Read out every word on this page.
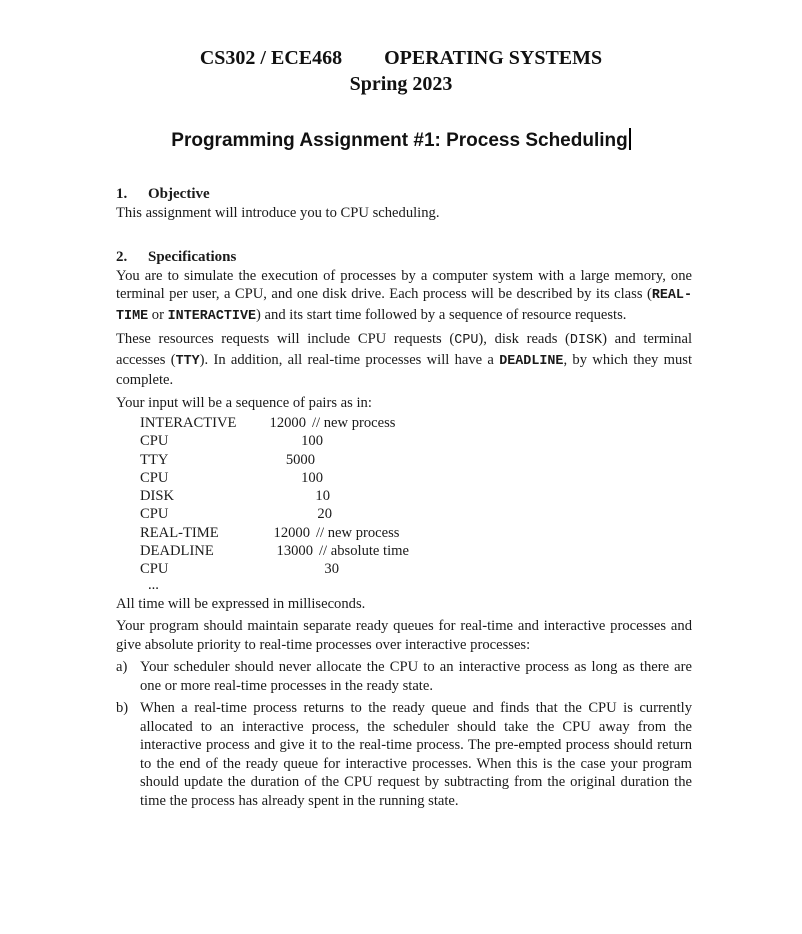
CS302 / ECE468 OPERATING SYSTEMS
Spring 2023
Programming Assignment #1: Process Scheduling
1. Objective

This assignment will introduce you to CPU scheduling.

2. Specifications

You are to simulate the execution of processes by a computer system with a large memory, one terminal per user, a CPU, and one disk drive. Each process will be described by its class (REAL-TIME or INTERACTIVE) and its start time followed by a sequence of resource requests.

These resources requests will include CPU requests (CPU), disk reads (DISK) and terminal accesses (TTY). In addition, all real-time processes will have a DEADLINE, by which they must complete.

Your input will be a sequence of pairs as in:

INTERACTIVE 12000 // new process
CPU	100
TTY	5000
CPU	100
DISK	10
CPU	20
REAL-TIME	12000 // new process
DEADLINE	13000 // absolute time
CPU	30
...

All time will be expressed in milliseconds.

Your program should maintain separate ready queues for real-time and interactive processes and give absolute priority to real-time processes over interactive processes:

a) Your scheduler should never allocate the CPU to an interactive process as long as there are one or more real-time processes in the ready state.
b) When a real-time process returns to the ready queue and finds that the CPU is currently allocated to an interactive process, the scheduler should take the CPU away from the interactive process and give it to the real-time process. The pre-empted process should return to the end of the ready queue for interactive processes. When this is the case your program should update the duration of the CPU request by subtracting from the original duration the time the process has already spent in the running state.
